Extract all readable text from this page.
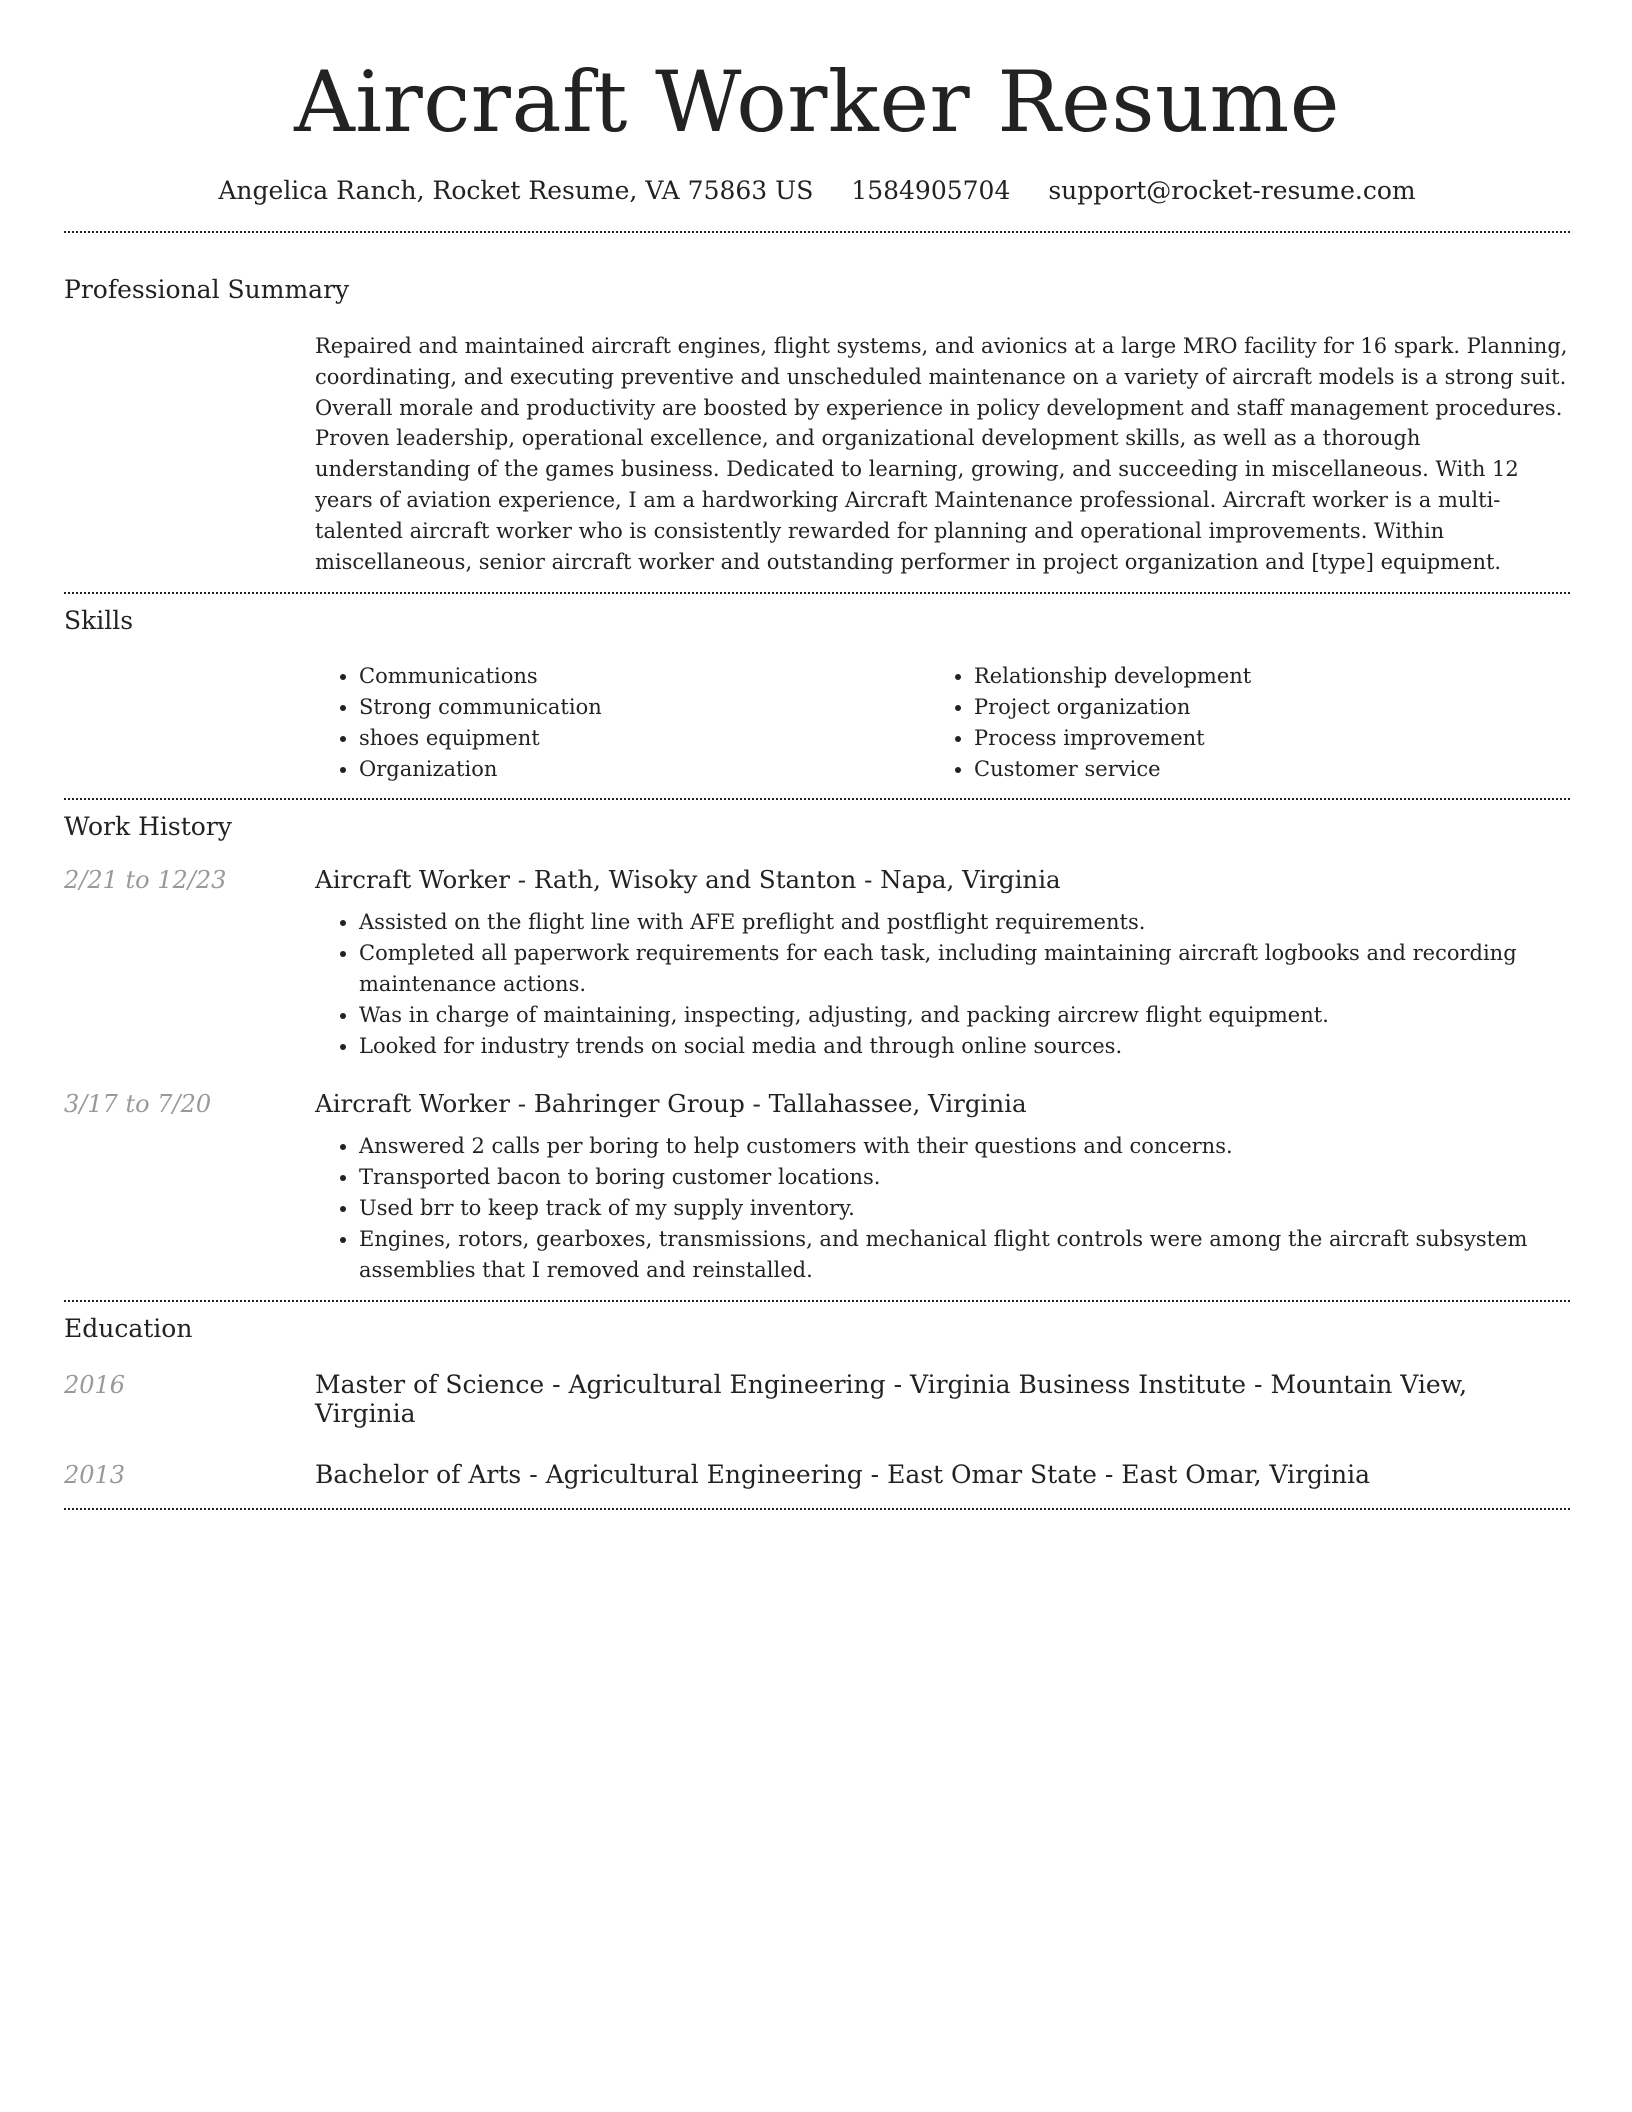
Aircraft Worker Resume
Angelica Ranch, Rocket Resume, VA 75863 US 1584905704 support@rocket-resume.com
Professional Summary

Repaired and maintained aircraft engines, flight systems, and avionics at a large MRO facility for 16 spark. Planning, coordinating, and executing preventive and unscheduled maintenance on a variety of aircraft models is a strong suit. Overall morale and productivity are boosted by experience in policy development and staff management procedures. Proven leadership, operational excellence, and organizational development skills, as well as a thorough understanding of the games business. Dedicated to learning, growing, and succeeding in miscellaneous. With 12 years of aviation experience, I am a hardworking Aircraft Maintenance professional. Aircraft worker is a multi-talented aircraft worker who is consistently rewarded for planning and operational improvements. Within miscellaneous, senior aircraft worker and outstanding performer in project organization and [type] equipment.

Skills
• Communications
• Strong communication
• shoes equipment
• Organization
• Relationship development
• Project organization
• Process improvement
• Customer service
Work History
2/21 to 12/23	Aircraft Worker - Rath, Wisoky and Stanton - Napa, Virginia
• Assisted on the flight line with AFE preflight and postflight requirements.
• Completed all paperwork requirements for each task, including maintaining aircraft logbooks and recording maintenance actions.
• Was in charge of maintaining, inspecting, adjusting, and packing aircrew flight equipment.
• Looked for industry trends on social media and through online sources.
3/17 to 7/20	Aircraft Worker - Bahringer Group - Tallahassee, Virginia
• Answered 2 calls per boring to help customers with their questions and concerns.
• Transported bacon to boring customer locations.
• Used brr to keep track of my supply inventory.
• Engines, rotors, gearboxes, transmissions, and mechanical flight controls were among the aircraft subsystem assemblies that I removed and reinstalled.
Education
2016	Master of Science - Agricultural Engineering - Virginia Business Institute - Mountain View, Virginia
2013	Bachelor of Arts - Agricultural Engineering - East Omar State - East Omar, Virginia
